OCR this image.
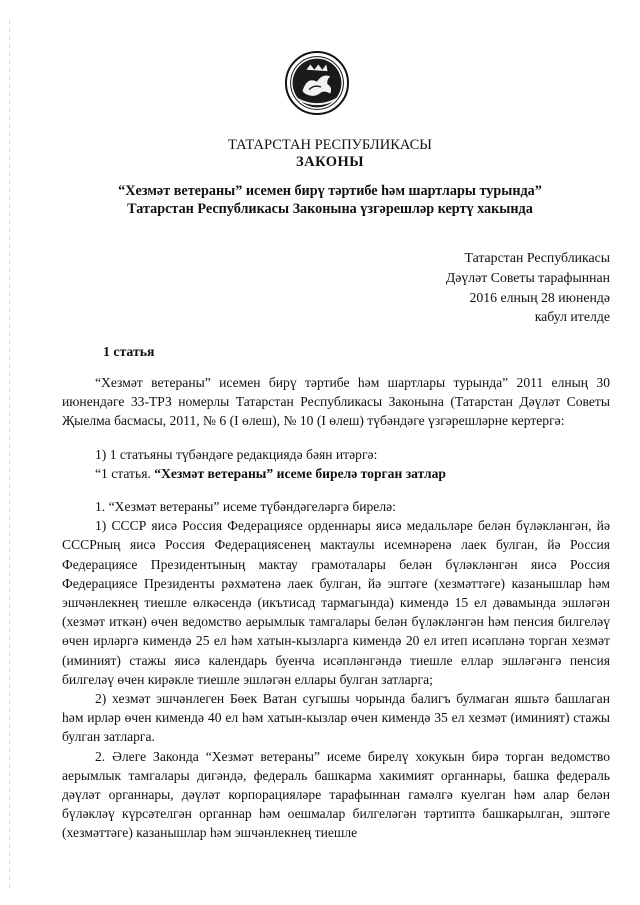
ТАТАРСТАН РЕСПУБЛИКАСЫ
ЗАКОНЫ
“Хезмәт ветераны” исемен бирү тәртибе һәм шартлары турында”
Татарстан Республикасы Законына үзгәрешләр кертү хакында
Татарстан Республикасы
Дәүләт Советы тарафыннан
2016 елның 28 июнендә
кабул ителде
1 статья

“Хезмәт ветераны” исемен бирү тәртибе һәм шартлары турында” 2011 елның 30 июнендәге 33-ТРЗ номерлы Татарстан Республикасы Законына (Татарстан Дәүләт Советы Җыелма басмасы, 2011, № 6 (I өлеш), № 10 (I өлеш) түбәндәге үзгәрешләрне кертергә:

1) 1 статьяны түбәндәге редакциядә бәян итәргә:

“1 статья. “Хезмәт ветераны” исеме бирелә торган затлар

1. “Хезмәт ветераны” исеме түбәндәгеләргә бирелә:

1) СССР яисә Россия Федерациясе орденнары яисә медальләре белән бүләкләнгән, йә СССРның яисә Россия Федерациясенең мактаулы исемнәренә лаек булган, йә Россия Федерациясе Президентының мактау грамоталары белән бүләкләнгән яисә Россия Федерациясе Президенты рәхмәтенә лаек булган, йә эштәге (хезмәттәге) казанышлар һәм эшчәнлекнең тиешле өлкәсендә (икътисад тармагында) кимендә 15 ел дәвамында эшләгән (хезмәт иткән) өчен ведомство аерымлык тамгалары белән бүләкләнгән һәм пенсия билгеләү өчен ирләргә кимендә 25 ел һәм хатын-кызларга кимендә 20 ел итеп исәпләнә торган хезмәт (иминият) стажы яисә календарь буенча исәпләнгәндә тиешле еллар эшләгәнгә пенсия билгеләү өчен кирәкле тиешле эшләгән еллары булган затларга;

2) хезмәт эшчәнлеген Бөек Ватан сугышы чорында балигъ булмаган яшьтә башлаган һәм ирләр өчен кимендә 40 ел һәм хатын-кызлар өчен кимендә 35 ел хезмәт (иминият) стажы булган затларга.

2. Әлеге Законда “Хезмәт ветераны” исеме бирелү хокукын бирә торган ведомство аерымлык тамгалары дигәндә, федераль башкарма хакимият органнары, башка федераль дәүләт органнары, дәүләт корпорацияләре тарафыннан гамәлгә куелган һәм алар белән бүләкләү күрсәтелгән органнар һәм оешмалар билгеләгән тәртиптә башкарылган, эштәге (хезмәттәге) казанышлар һәм эшчәнлекнең тиешле
